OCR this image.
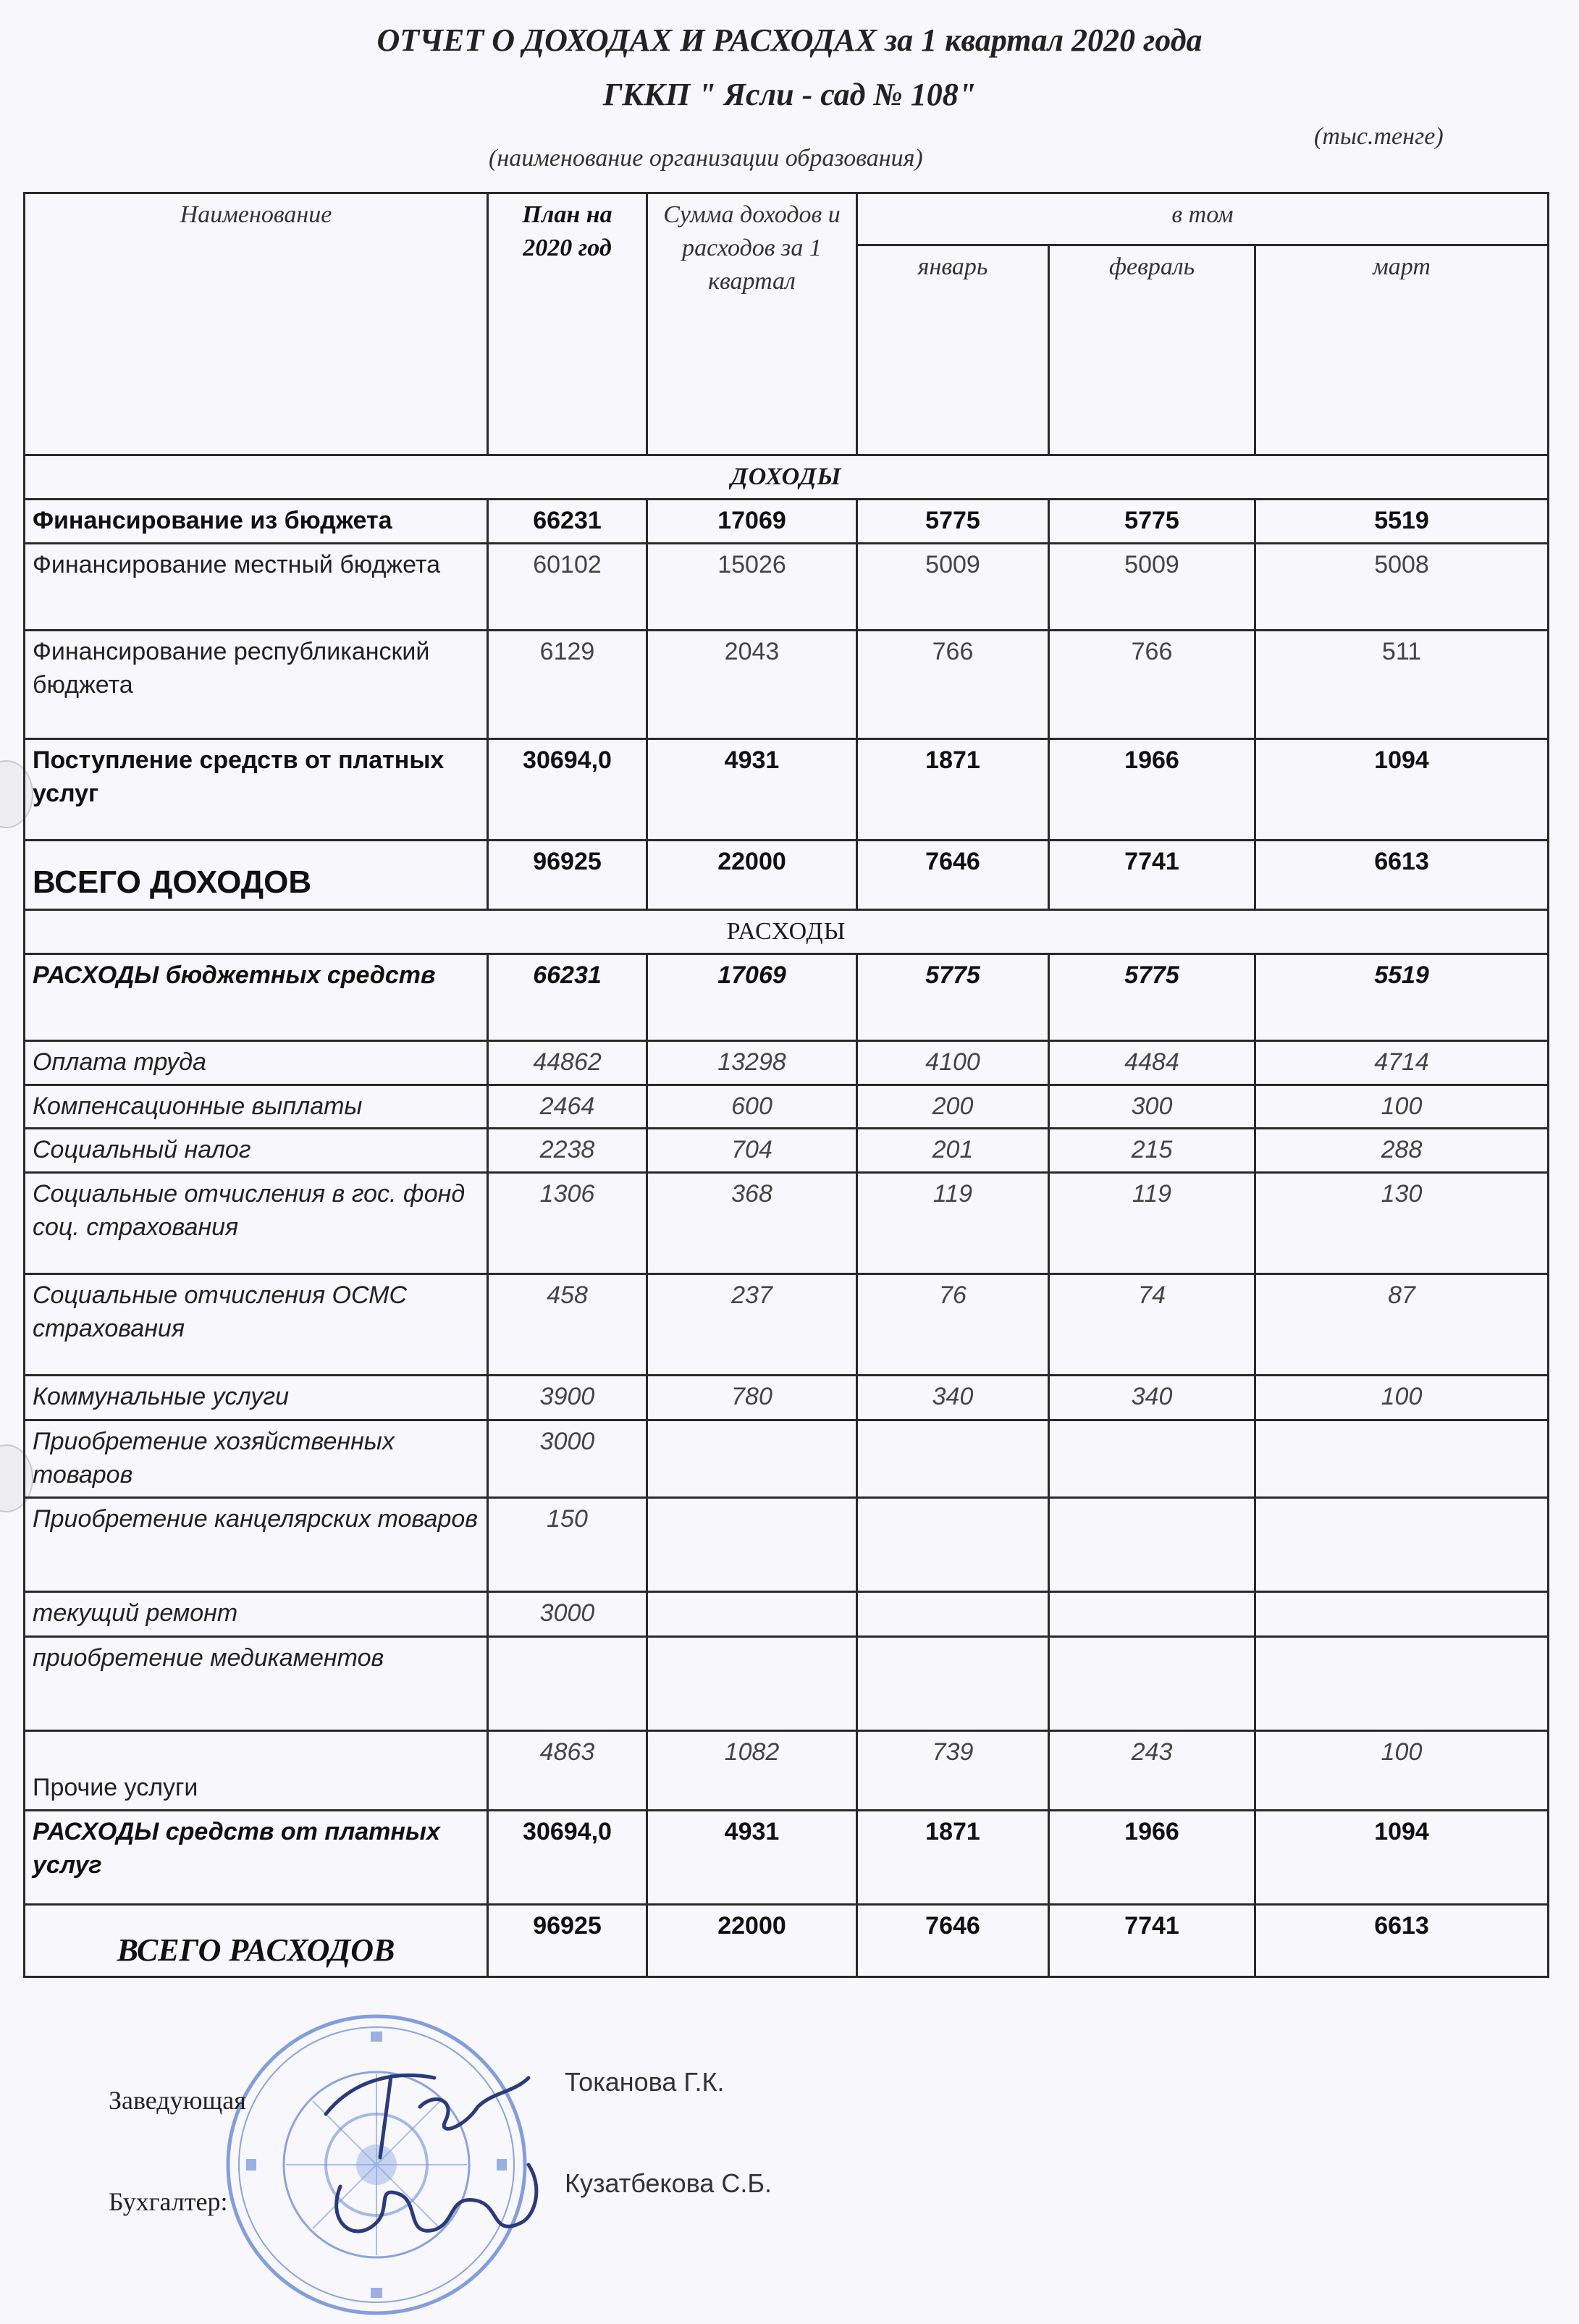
ОТЧЕТ О ДОХОДАХ И РАСХОДАХ за 1 квартал 2020 года
ГККП " Ясли - сад № 108"
(наименование организации образования)
(тыс.тенге)
Наименование	План на 2020 год	Сумма доходов и расходов за 1 квартал	в том		
			январь	февраль	март
ДОХОДЫ					
Финансирование из бюджета	66231	17069	5775	5775	5519
Финансирование местный бюджета	60102	15026	5009	5009	5008
Финансирование республиканский бюджета	6129	2043	766	766	511
Поступление средств от платных услуг	30694,0	4931	1871	1966	1094
ВСЕГО ДОХОДОВ	96925	22000	7646	7741	6613
РАСХОДЫ					
РАСХОДЫ бюджетных средств	66231	17069	5775	5775	5519
Оплата труда	44862	13298	4100	4484	4714
Компенсационные выплаты	2464	600	200	300	100
Социальный налог	2238	704	201	215	288
Социальные отчисления в гос. фонд соц. страхования	1306	368	119	119	130
Социальные отчисления ОСМС страхования	458	237	76	74	87
Коммунальные услуги	3900	780	340	340	100
Приобретение хозяйственных товаров	3000				
Приобретение канцелярских товаров	150				
текущий ремонт	3000				
приобретение медикаментов					
Прочие услуги	4863	1082	739	243	100
РАСХОДЫ средств от платных услуг	30694,0	4931	1871	1966	1094
ВСЕГО РАСХОДОВ	96925	22000	7646	7741	6613
Заведующая
Токанова Г.К.
Бухгалтер:
Кузатбекова С.Б.
